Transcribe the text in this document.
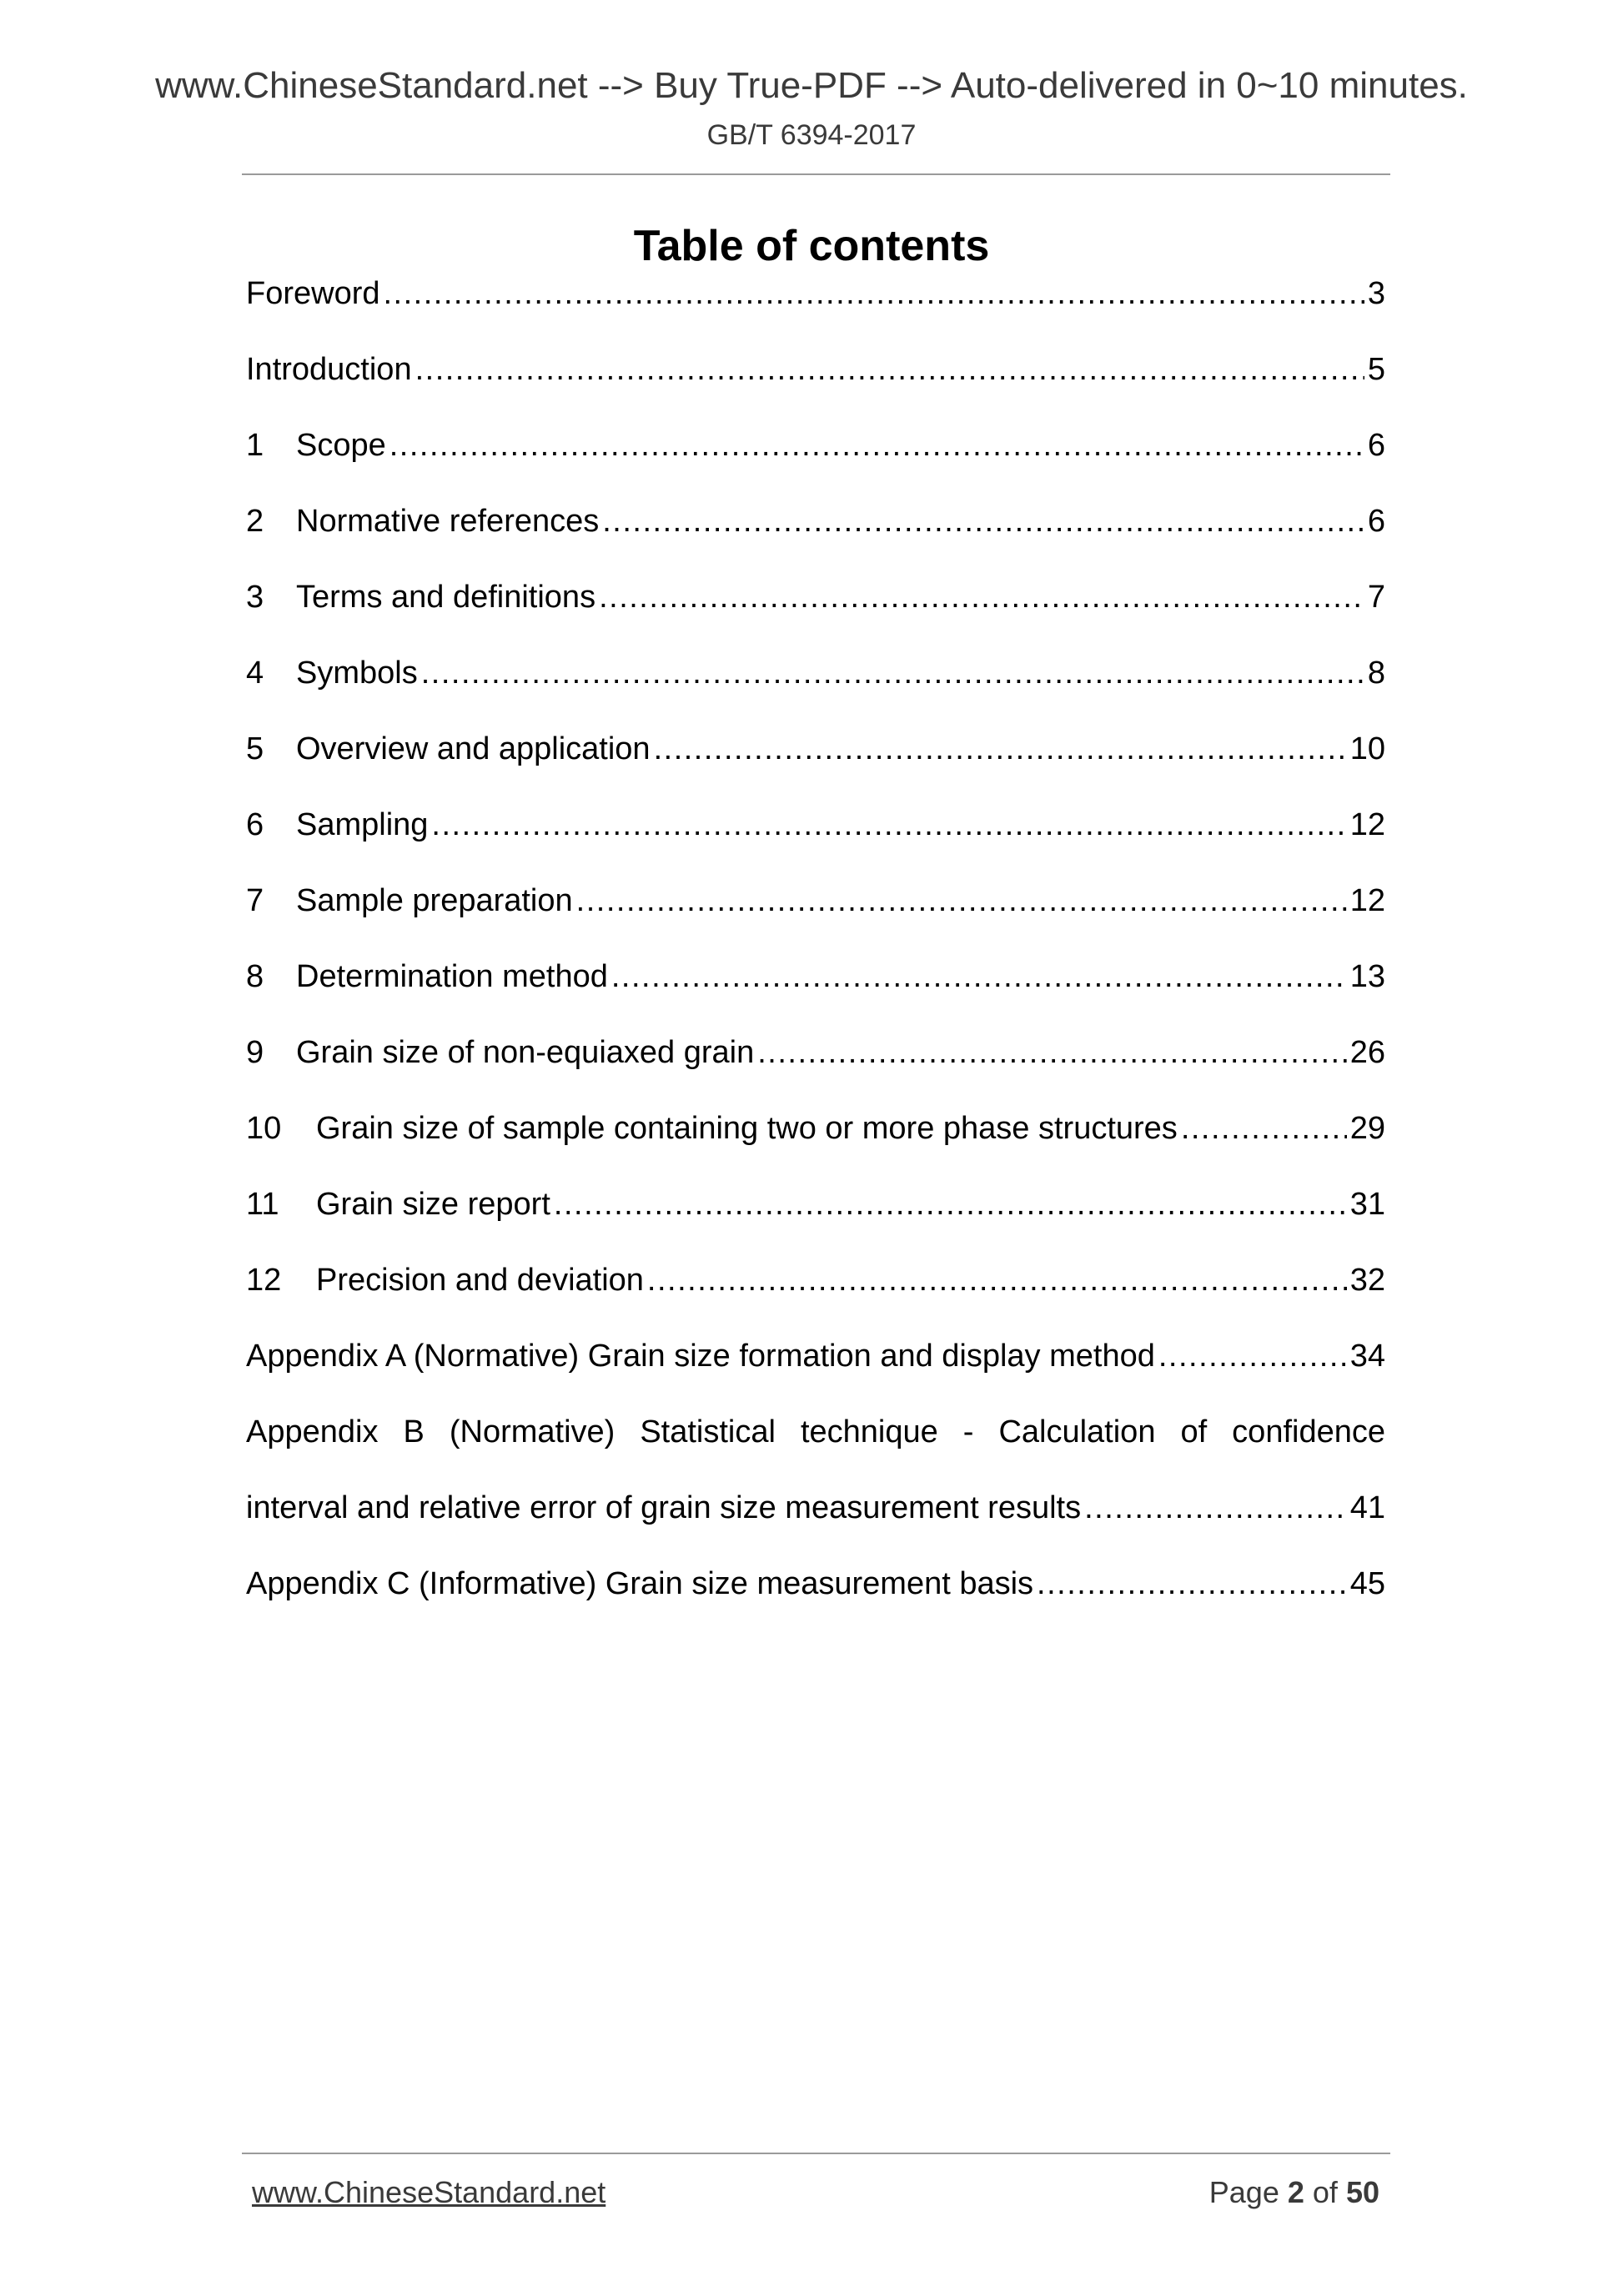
www.ChineseStandard.net --> Buy True-PDF --> Auto-delivered in 0~10 minutes.
GB/T 6394-2017
Table of contents
Foreword .....	3
Introduction .....	5
1	Scope .....	6
2	Normative references .....	6
3	Terms and definitions .....	7
4	Symbols .....	8
5	Overview and application .....	10
6	Sampling .....	12
7	Sample preparation .....	12
8	Determination method .....	13
9	Grain size of non-equiaxed grain .....	26
10	Grain size of sample containing two or more phase structures .....	29
11	Grain size report .....	31
12	Precision and deviation .....	32
Appendix A (Normative) Grain size formation and display method .....	34
Appendix B (Normative) Statistical technique - Calculation of confidence
interval and relative error of grain size measurement results .....	41
Appendix C (Informative) Grain size measurement basis .....	45
www.ChineseStandard.net	Page 2 of 50
